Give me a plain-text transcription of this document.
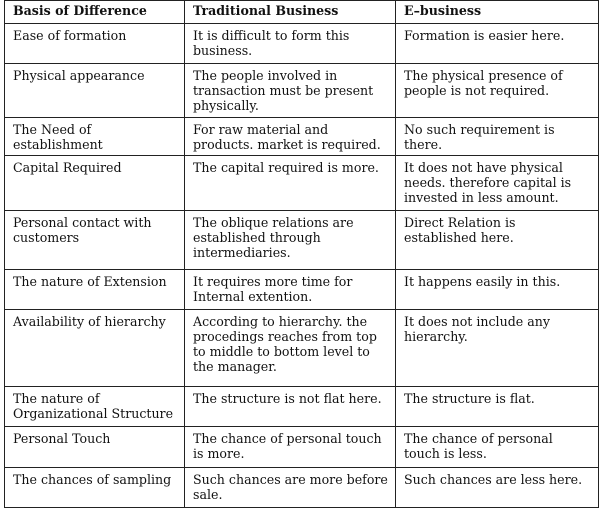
Basis of Difference	Traditional Business	E–business
Ease of formation	It is difficult to form this business.	Formation is easier here.
Physical appearance	The people involved in transaction must be present physically.	The physical presence of people is not required.
The Need of establishment	For raw material and products. market is required.	No such requirement is there.
Capital Required	The capital required is more.	It does not have physical needs. therefore capital is invested in less amount.
Personal contact with customers	The oblique relations are established through intermediaries.	Direct Relation is established here.
The nature of Extension	It requires more time for Internal extention.	It happens easily in this.
Availability of hierarchy	According to hierarchy. the procedings reaches from top to middle to bottom level to the manager.	It does not include any hierarchy.
The nature of Organizational Structure	The structure is not flat here.	The structure is flat.
Personal Touch	The chance of personal touch is more.	The chance of personal touch is less.
The chances of sampling	Such chances are more before sale.	Such chances are less here.
